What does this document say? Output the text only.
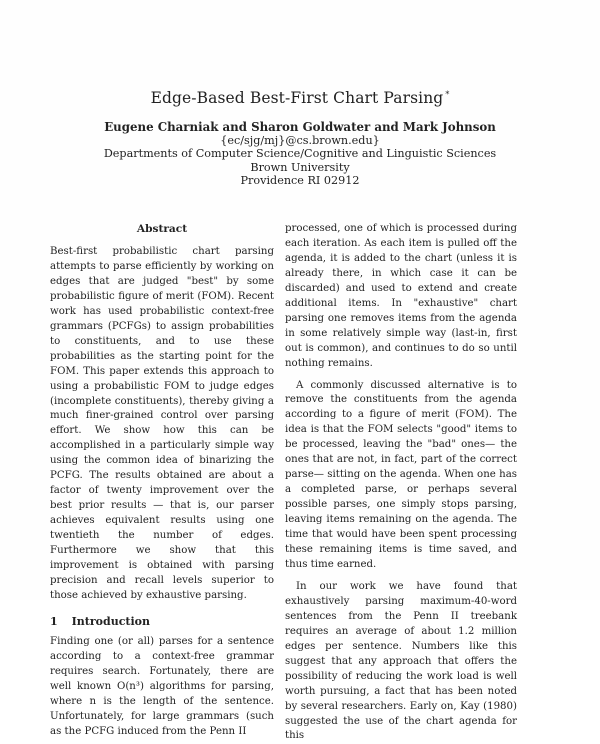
Edge-Based Best-First Chart Parsing *

Eugene Charniak and Sharon Goldwater and Mark Johnson

{ec/sjg/mj}@cs.brown.edu}

Departments of Computer Science/Cognitive and Linguistic Sciences

Brown University

Providence RI 02912

Abstract

Best-first probabilistic chart parsing attempts to parse efficiently by working on edges that are judged "best" by some probabilistic figure of merit (FOM). Recent work has used probabilistic context-free grammars (PCFGs) to assign probabilities to constituents, and to use these probabilities as the starting point for the FOM. This paper extends this approach to using a probabilistic FOM to judge edges (incomplete constituents), thereby giving a much finer-grained control over parsing effort. We show how this can be accomplished in a particularly simple way using the common idea of binarizing the PCFG. The results obtained are about a factor of twenty improvement over the best prior results — that is, our parser achieves equivalent results using one twentieth the number of edges. Furthermore we show that this improvement is obtained with parsing precision and recall levels superior to those achieved by exhaustive parsing.

1 Introduction

Finding one (or all) parses for a sentence according to a context-free grammar requires search. Fortunately, there are well known O(n³) algorithms for parsing, where n is the length of the sentence. Unfortunately, for large grammars (such as the PCFG induced from the Penn II

processed, one of which is processed during each iteration. As each item is pulled off the agenda, it is added to the chart (unless it is already there, in which case it can be discarded) and used to extend and create additional items. In "exhaustive" chart parsing one removes items from the agenda in some relatively simple way (last-in, first out is common), and continues to do so until nothing remains.

A commonly discussed alternative is to remove the constituents from the agenda according to a figure of merit (FOM). The idea is that the FOM selects "good" items to be processed, leaving the "bad" ones— the ones that are not, in fact, part of the correct parse— sitting on the agenda. When one has a completed parse, or perhaps several possible parses, one simply stops parsing, leaving items remaining on the agenda. The time that would have been spent processing these remaining items is time saved, and thus time earned.

In our work we have found that exhaustively parsing maximum-40-word sentences from the Penn II treebank requires an average of about 1.2 million edges per sentence. Numbers like this suggest that any approach that offers the possibility of reducing the work load is well worth pursuing, a fact that has been noted by several researchers. Early on, Kay (1980) suggested the use of the chart agenda for this
